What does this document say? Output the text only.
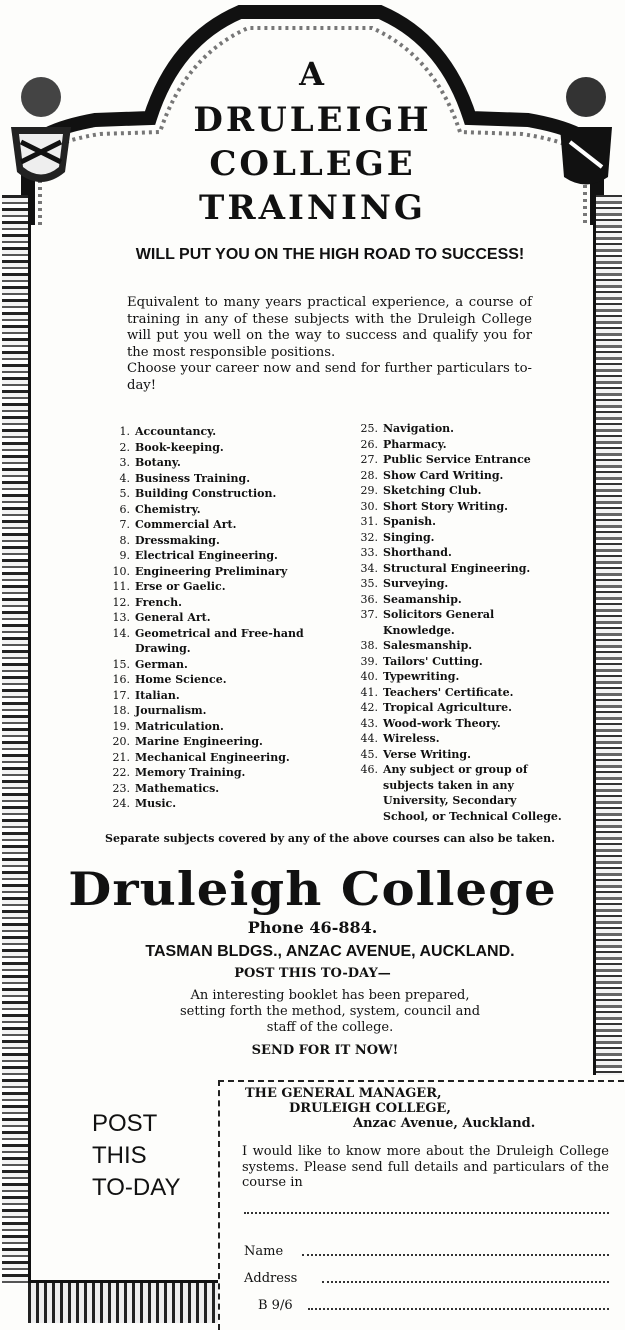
A
DRULEIGH
COLLEGE
TRAINING
WILL PUT YOU ON THE HIGH ROAD TO SUCCESS!

Equivalent to many years practical experience, a course of training in any of these subjects with the Druleigh College will put you well on the way to success and qualify you for the most responsible positions.

Choose your career now and send for further particulars to-day!

1. Accountancy.
2. Book-keeping.
3. Botany.
4. Business Training.
5. Building Construction.
6. Chemistry.
7. Commercial Art.
8. Dressmaking.
9. Electrical Engineering.
10. Engineering Preliminary
11. Erse or Gaelic.
12. French.
13. General Art.
14. Geometrical and Free-hand Drawing.
15. German.
16. Home Science.
17. Italian.
18. Journalism.
19. Matriculation.
20. Marine Engineering.
21. Mechanical Engineering.
22. Memory Training.
23. Mathematics.
24. Music.
25. Navigation.
26. Pharmacy.
27. Public Service Entrance
28. Show Card Writing.
29. Sketching Club.
30. Short Story Writing.
31. Spanish.
32. Singing.
33. Shorthand.
34. Structural Engineering.
35. Surveying.
36. Seamanship.
37. Solicitors General Knowledge.
38. Salesmanship.
39. Tailors' Cutting.
40. Typewriting.
41. Teachers' Certificate.
42. Tropical Agriculture.
43. Wood-work Theory.
44. Wireless.
45. Verse Writing.
46. Any subject or group of subjects taken in any University, Secondary School, or Technical College.
Separate subjects covered by any of the above courses can also be taken.
Druleigh College
Phone 46-884.
TASMAN BLDGS., ANZAC AVENUE, AUCKLAND.
POST THIS TO-DAY—
An interesting booklet has been prepared, setting forth the method, system, council and staff of the college.
SEND FOR IT NOW!
POST
THIS
TO-DAY
THE GENERAL MANAGER,
DRULEIGH COLLEGE,
Anzac Avenue, Auckland.
I would like to know more about the Druleigh College systems. Please send full details and particulars of the course in
Name
Address
B 9/6
